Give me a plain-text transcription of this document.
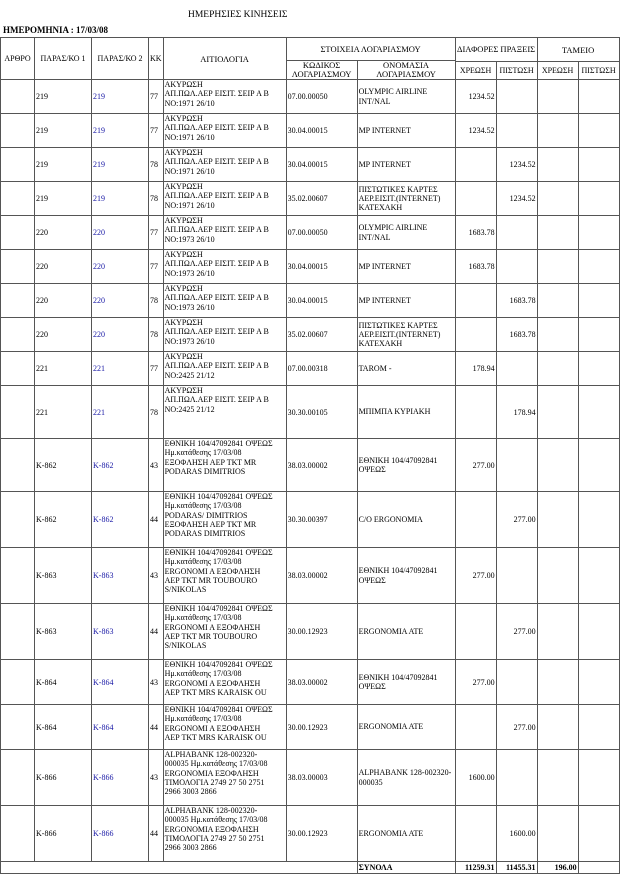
ΗΜΕΡΗΣΙΕΣ ΚΙΝΗΣΕΙΣ
ΗΜΕΡΟΜΗΝΙΑ : 17/03/08
ΑΡΘΡΟ	ΠΑΡΑΣ/ΚΟ 1	ΠΑΡΑΣ/ΚΟ 2	ΚΚ	ΑΙΤΙΟΛΟΓΙΑ	ΣΤΟΙΧΕΙΑ ΛΟΓΑΡΙΑΣΜΟΥ		ΔΙΑΦΟΡΕΣ ΠΡΑΞΕΙΣ		ΤΑΜΕΙΟ	
					ΚΩΔΙΚΟΣ ΛΟΓΑΡΙΑΣΜΟΥ	ΟΝΟΜΑΣΙΑ ΛΟΓΑΡΙΑΣΜΟΥ				
							ΧΡΕΩΣΗ	ΠΙΣΤΩΣΗ	ΧΡΕΩΣΗ	ΠΙΣΤΩΣΗ
	219	219	77	ΑΚΥΡΩΣΗ
ΑΠ.ΠΩΛ.ΑΕΡ ΕΙΣΙΤ. ΣΕΙΡ Α Β
NO:1971 26/10	07.00.00050	OLYMPIC AIRLINE INT/NAL	1234.52			
	219	219	77	ΑΚΥΡΩΣΗ
ΑΠ.ΠΩΛ.ΑΕΡ ΕΙΣΙΤ. ΣΕΙΡ Α Β
NO:1971 26/10	30.04.00015	MP INTERNET	1234.52			
	219	219	78	ΑΚΥΡΩΣΗ
ΑΠ.ΠΩΛ.ΑΕΡ ΕΙΣΙΤ. ΣΕΙΡ Α Β
NO:1971 26/10	30.04.00015	MP INTERNET		1234.52		
	219	219	78	ΑΚΥΡΩΣΗ
ΑΠ.ΠΩΛ.ΑΕΡ ΕΙΣΙΤ. ΣΕΙΡ Α Β
NO:1971 26/10	35.02.00607	ΠΙΣΤΩΤΙΚΕΣ ΚΑΡΤΕΣ ΑΕΡ.ΕΙΣΙΤ.(INTERNET) ΚΑΤΕΧΑΚΗ		1234.52		
	220	220	77	ΑΚΥΡΩΣΗ
ΑΠ.ΠΩΛ.ΑΕΡ ΕΙΣΙΤ. ΣΕΙΡ Α Β
NO:1973 26/10	07.00.00050	OLYMPIC AIRLINE INT/NAL	1683.78			
	220	220	77	ΑΚΥΡΩΣΗ
ΑΠ.ΠΩΛ.ΑΕΡ ΕΙΣΙΤ. ΣΕΙΡ Α Β
NO:1973 26/10	30.04.00015	MP INTERNET	1683.78			
	220	220	78	ΑΚΥΡΩΣΗ
ΑΠ.ΠΩΛ.ΑΕΡ ΕΙΣΙΤ. ΣΕΙΡ Α Β
NO:1973 26/10	30.04.00015	MP INTERNET		1683.78		
	220	220	78	ΑΚΥΡΩΣΗ
ΑΠ.ΠΩΛ.ΑΕΡ ΕΙΣΙΤ. ΣΕΙΡ Α Β
NO:1973 26/10	35.02.00607	ΠΙΣΤΩΤΙΚΕΣ ΚΑΡΤΕΣ ΑΕΡ.ΕΙΣΙΤ.(INTERNET) ΚΑΤΕΧΑΚΗ		1683.78		
	221	221	77	ΑΚΥΡΩΣΗ
ΑΠ.ΠΩΛ.ΑΕΡ ΕΙΣΙΤ. ΣΕΙΡ Α Β
NO:2425 21/12	07.00.00318	TAROM -	178.94			
	221	221	78	ΑΚΥΡΩΣΗ
ΑΠ.ΠΩΛ.ΑΕΡ ΕΙΣΙΤ. ΣΕΙΡ Α Β
NO:2425 21/12	30.30.00105	ΜΠΙΜΠΑ ΚΥΡΙΑΚΗ		178.94		
	K-862	K-862	43	ΕΘΝΙΚΗ 104/47092841 ΟΨΕΩΣ
Ημ.κατάθεσης 17/03/08
ΕΞΟΦΛΗΣΗ ΑΕΡ ΤΚΤ MR
PODARAS DIMITRIOS	38.03.00002	ΕΘΝΙΚΗ 104/47092841 ΟΨΕΩΣ	277.00			
	K-862	K-862	44	ΕΘΝΙΚΗ 104/47092841 ΟΨΕΩΣ
Ημ.κατάθεσης 17/03/08
PODARAS/ DIMITRIOS
ΕΞΟΦΛΗΣΗ ΑΕΡ ΤΚΤ MR
PODARAS DIMITRIOS	30.30.00397	C/O ERGONOMIA		277.00		
	K-863	K-863	43	ΕΘΝΙΚΗ 104/47092841 ΟΨΕΩΣ
Ημ.κατάθεσης 17/03/08
ERGONOMI A ΕΞΟΦΛΗΣΗ
ΑΕΡ ΤΚΤ MR TOUBOURO
S/NIKOLAS	38.03.00002	ΕΘΝΙΚΗ 104/47092841 ΟΨΕΩΣ	277.00			
	K-863	K-863	44	ΕΘΝΙΚΗ 104/47092841 ΟΨΕΩΣ
Ημ.κατάθεσης 17/03/08
ERGONOMI A ΕΞΟΦΛΗΣΗ
ΑΕΡ ΤΚΤ MR TOUBOURO
S/NIKOLAS	30.00.12923	ERGONOMIA ATE		277.00		
	K-864	K-864	43	ΕΘΝΙΚΗ 104/47092841 ΟΨΕΩΣ
Ημ.κατάθεσης 17/03/08
ERGONOMI A ΕΞΟΦΛΗΣΗ
ΑΕΡ ΤΚΤ MRS KARAISK OU	38.03.00002	ΕΘΝΙΚΗ 104/47092841 ΟΨΕΩΣ	277.00			
	K-864	K-864	44	ΕΘΝΙΚΗ 104/47092841 ΟΨΕΩΣ
Ημ.κατάθεσης 17/03/08
ERGONOMI A ΕΞΟΦΛΗΣΗ
ΑΕΡ ΤΚΤ MRS KARAISK OU	30.00.12923	ERGONOMIA ATE		277.00		
	K-866	K-866	43	ALPHABANK 128-002320-
000035 Ημ.κατάθεσης 17/03/08
ERGONOMIA ΕΞΟΦΛΗΣΗ
ΤΙΜΟΛΟΓΙΑ 2749 27 50 2751
2966 3003 2866	38.03.00003	ALPHABANK 128-002320-000035	1600.00			
	K-866	K-866	44	ALPHABANK 128-002320-
000035 Ημ.κατάθεσης 17/03/08
ERGONOMIA ΕΞΟΦΛΗΣΗ
ΤΙΜΟΛΟΓΙΑ 2749 27 50 2751
2966 3003 2866	30.00.12923	ERGONOMIA ATE		1600.00		
						ΣΥΝΟΛΑ	11259.31	11455.31	196.00	
